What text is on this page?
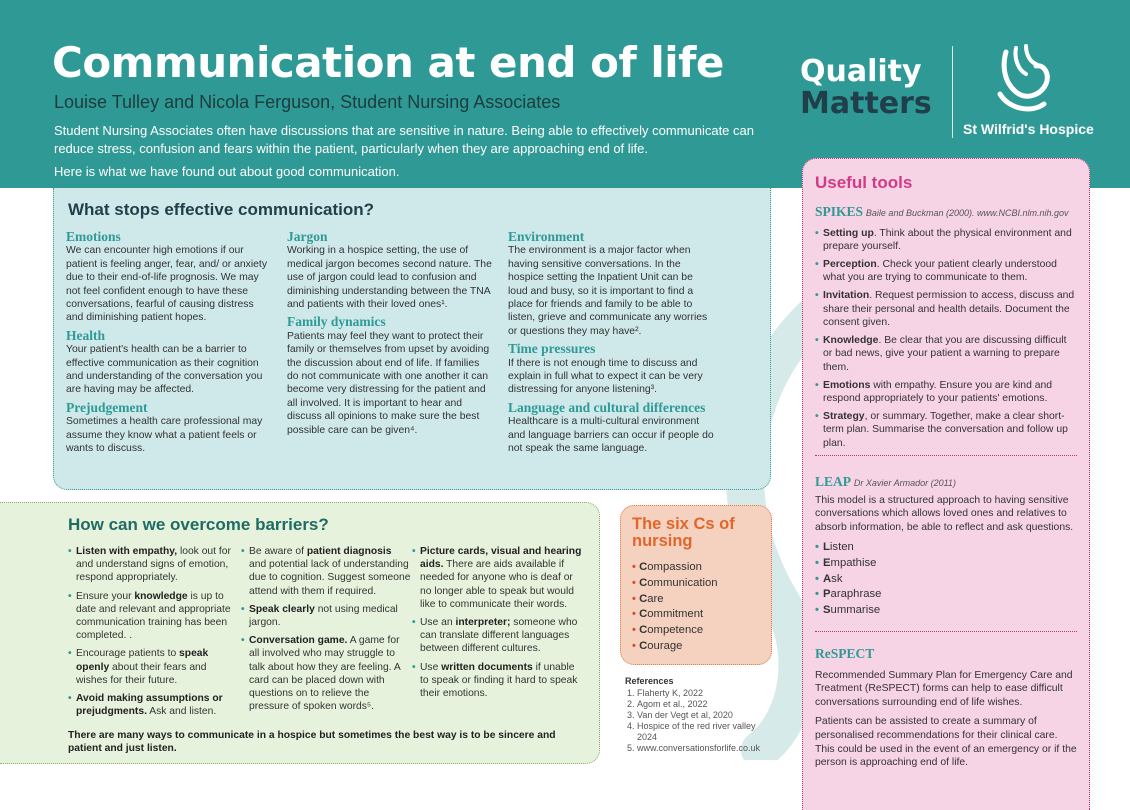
Communication at end of life
Louise Tulley and Nicola Ferguson, Student Nursing Associates

Student Nursing Associates often have discussions that are sensitive in nature. Being able to effectively communicate can reduce stress, confusion and fears within the patient, particularly when they are approaching end of life.

Here is what we have found out about good communication.

Quality
Matters
St Wilfrid's Hospice
What stops effective communication?
Emotions

We can encounter high emotions if our patient is feeling anger, fear, and/ or anxiety due to their end-of-life prognosis. We may not feel confident enough to have these conversations, fearful of causing distress and diminishing patient hopes.

Health

Your patient's health can be a barrier to effective communication as their cognition and understanding of the conversation you are having may be affected.

Prejudgement

Sometimes a health care professional may assume they know what a patient feels or wants to discuss.

Jargon

Working in a hospice setting, the use of medical jargon becomes second nature. The use of jargon could lead to confusion and diminishing understanding between the TNA and patients with their loved ones¹.

Family dynamics

Patients may feel they want to protect their family or themselves from upset by avoiding the discussion about end of life. If families do not communicate with one another it can become very distressing for the patient and all involved. It is important to hear and discuss all opinions to make sure the best possible care can be given⁴.

Environment

The environment is a major factor when having sensitive conversations. In the hospice setting the Inpatient Unit can be loud and busy, so it is important to find a place for friends and family to be able to listen, grieve and communicate any worries or questions they may have².

Time pressures

If there is not enough time to discuss and explain in full what to expect it can be very distressing for anyone listening³.

Language and cultural differences

Healthcare is a multi-cultural environment and language barriers can occur if people do not speak the same language.

How can we overcome barriers?
• Listen with empathy, look out for and understand signs of emotion, respond appropriately.
• Ensure your knowledge is up to date and relevant and appropriate communication training has been completed. .
• Encourage patients to speak openly about their fears and wishes for their future.
• Avoid making assumptions or prejudgments. Ask and listen.
• Be aware of patient diagnosis and potential lack of understanding due to cognition. Suggest someone attend with them if required.
• Speak clearly not using medical jargon.
• Conversation game. A game for all involved who may struggle to talk about how they are feeling. A card can be placed down with questions on to relieve the pressure of spoken words⁵.
• Picture cards, visual and hearing aids. There are aids available if needed for anyone who is deaf or no longer able to speak but would like to communicate their words.
• Use an interpreter; someone who can translate different languages between different cultures.
• Use written documents if unable to speak or finding it hard to speak their emotions.
There are many ways to communicate in a hospice but sometimes the best way is to be sincere and patient and just listen.
The six Cs of nursing
• Compassion
• Communication
• Care
• Commitment
• Competence
• Courage
References
1. Flaherty K, 2022
2. Agom et al., 2022
3. Van der Vegt et al, 2020
4. Hospice of the red river valley 2024
5. www.conversationsforlife.co.uk
Useful tools
SPIKES Baile and Buckman (2000). www.NCBI.nlm.nih.gov
• Setting up. Think about the physical environment and prepare yourself.
• Perception. Check your patient clearly understood what you are trying to communicate to them.
• Invitation. Request permission to access, discuss and share their personal and health details. Document the consent given.
• Knowledge. Be clear that you are discussing difficult or bad news, give your patient a warning to prepare them.
• Emotions with empathy. Ensure you are kind and respond appropriately to your patients' emotions.
• Strategy, or summary. Together, make a clear short-term plan. Summarise the conversation and follow up plan.
LEAP Dr Xavier Armador (2011)

This model is a structured approach to having sensitive conversations which allows loved ones and relatives to absorb information, be able to reflect and ask questions.

• Listen
• Empathise
• Ask
• Paraphrase
• Summarise
ReSPECT

Recommended Summary Plan for Emergency Care and Treatment (ReSPECT) forms can help to ease difficult conversations surrounding end of life wishes.

Patients can be assisted to create a summary of personalised recommendations for their clinical care. This could be used in the event of an emergency or if the person is approaching end of life.
